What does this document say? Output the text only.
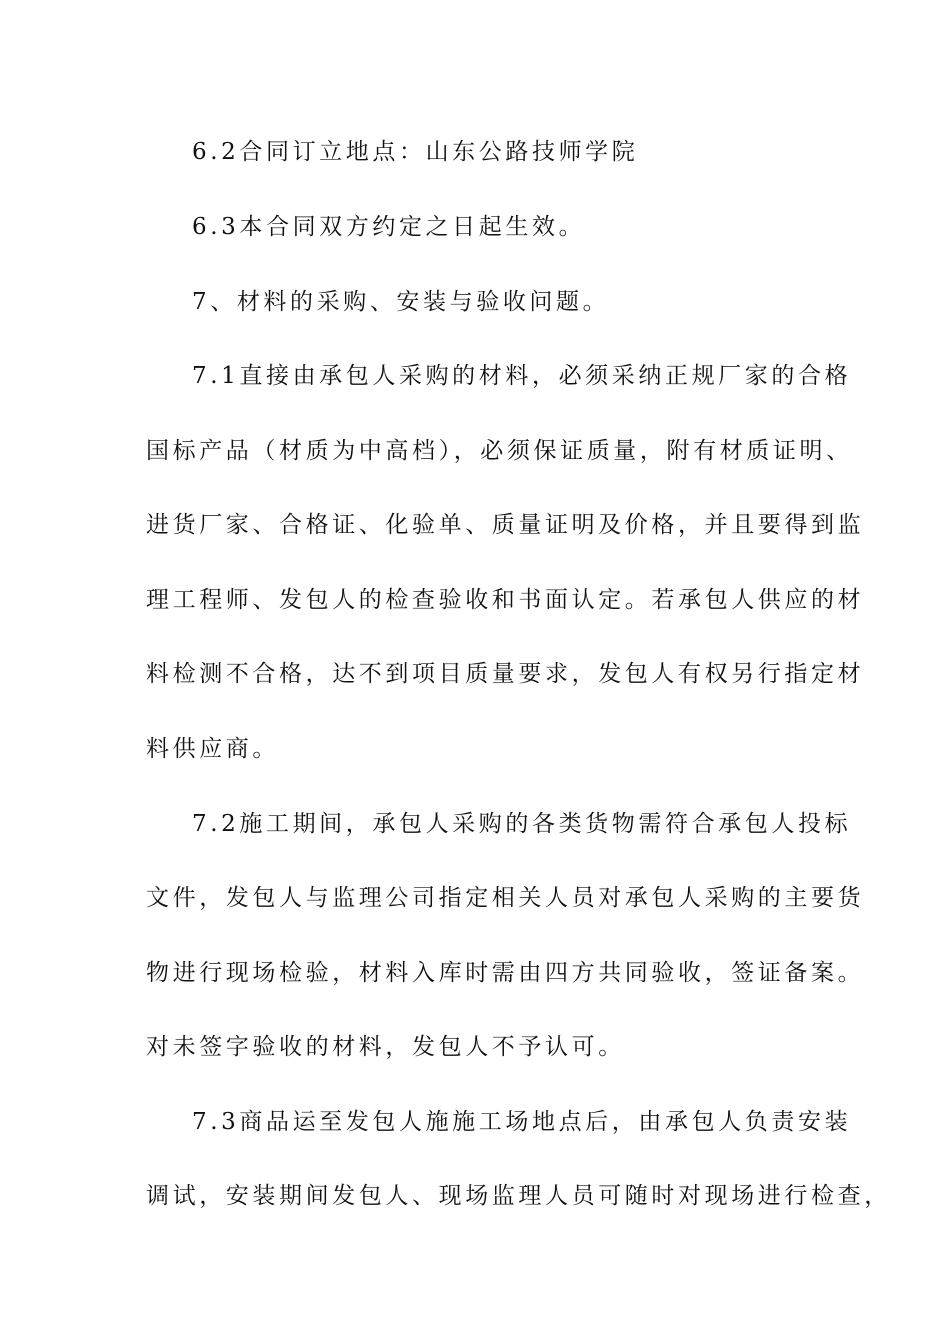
6.2合同订立地点：山东公路技师学院
6.3本合同双方约定之日起生效。
7、材料的采购、安装与验收问题。
7.1直接由承包人采购的材料，必须采纳正规厂家的合格
国标产品（材质为中高档），必须保证质量，附有材质证明、
进货厂家、合格证、化验单、质量证明及价格，并且要得到监
理工程师、发包人的检查验收和书面认定。若承包人供应的材
料检测不合格，达不到项目质量要求，发包人有权另行指定材
料供应商。
7.2施工期间，承包人采购的各类货物需符合承包人投标
文件，发包人与监理公司指定相关人员对承包人采购的主要货
物进行现场检验，材料入库时需由四方共同验收，签证备案。
对未签字验收的材料，发包人不予认可。
7.3商品运至发包人施施工场地点后，由承包人负责安装
调试，安装期间发包人、现场监理人员可随时对现场进行检查，
